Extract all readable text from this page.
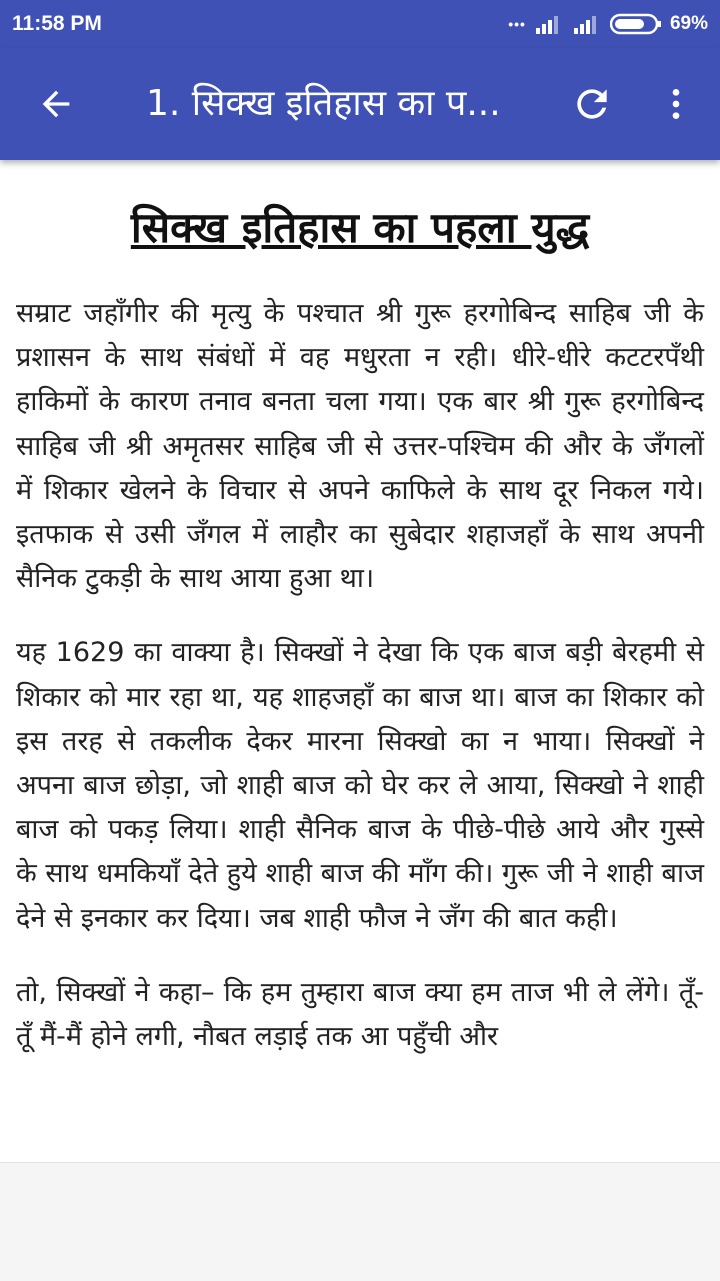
11:58 PM	•••	69%
1. सिक्ख इतिहास का प...
सिक्ख इतिहास का पहला युद्ध

सम्राट जहाँगीर की मृत्यु के पश्चात श्री गुरू हरगोबिन्द साहिब जी के प्रशासन के साथ संबंधों में वह मधुरता न रही। धीरे-धीरे कटटरपँथी हाकिमों के कारण तनाव बनता चला गया। एक बार श्री गुरू हरगोबिन्द साहिब जी श्री अमृतसर साहिब जी से उत्तर-पश्चिम की और के जँगलों में शिकार खेलने के विचार से अपने काफिले के साथ दूर निकल गये। इतफाक से उसी जँगल में लाहौर का सुबेदार शहाजहाँ के साथ अपनी सैनिक टुकड़ी के साथ आया हुआ था।

यह 1629 का वाक्या है। सिक्खों ने देखा कि एक बाज बड़ी बेरहमी से शिकार को मार रहा था, यह शाहजहाँ का बाज था। बाज का शिकार को इस तरह से तकलीक देकर मारना सिक्खो का न भाया। सिक्खों ने अपना बाज छोड़ा, जो शाही बाज को घेर कर ले आया, सिक्खो ने शाही बाज को पकड़ लिया। शाही सैनिक बाज के पीछे-पीछे आये और गुस्से के साथ धमकियाँ देते हुये शाही बाज की माँग की। गुरू जी ने शाही बाज देने से इनकार कर दिया। जब शाही फौज ने जँग की बात कही।

तो, सिक्खों ने कहा– कि हम तुम्हारा बाज क्या हम ताज भी ले लेंगे। तूँ-तूँ मैं-मैं होने लगी, नौबत लड़ाई तक आ पहुँची और
